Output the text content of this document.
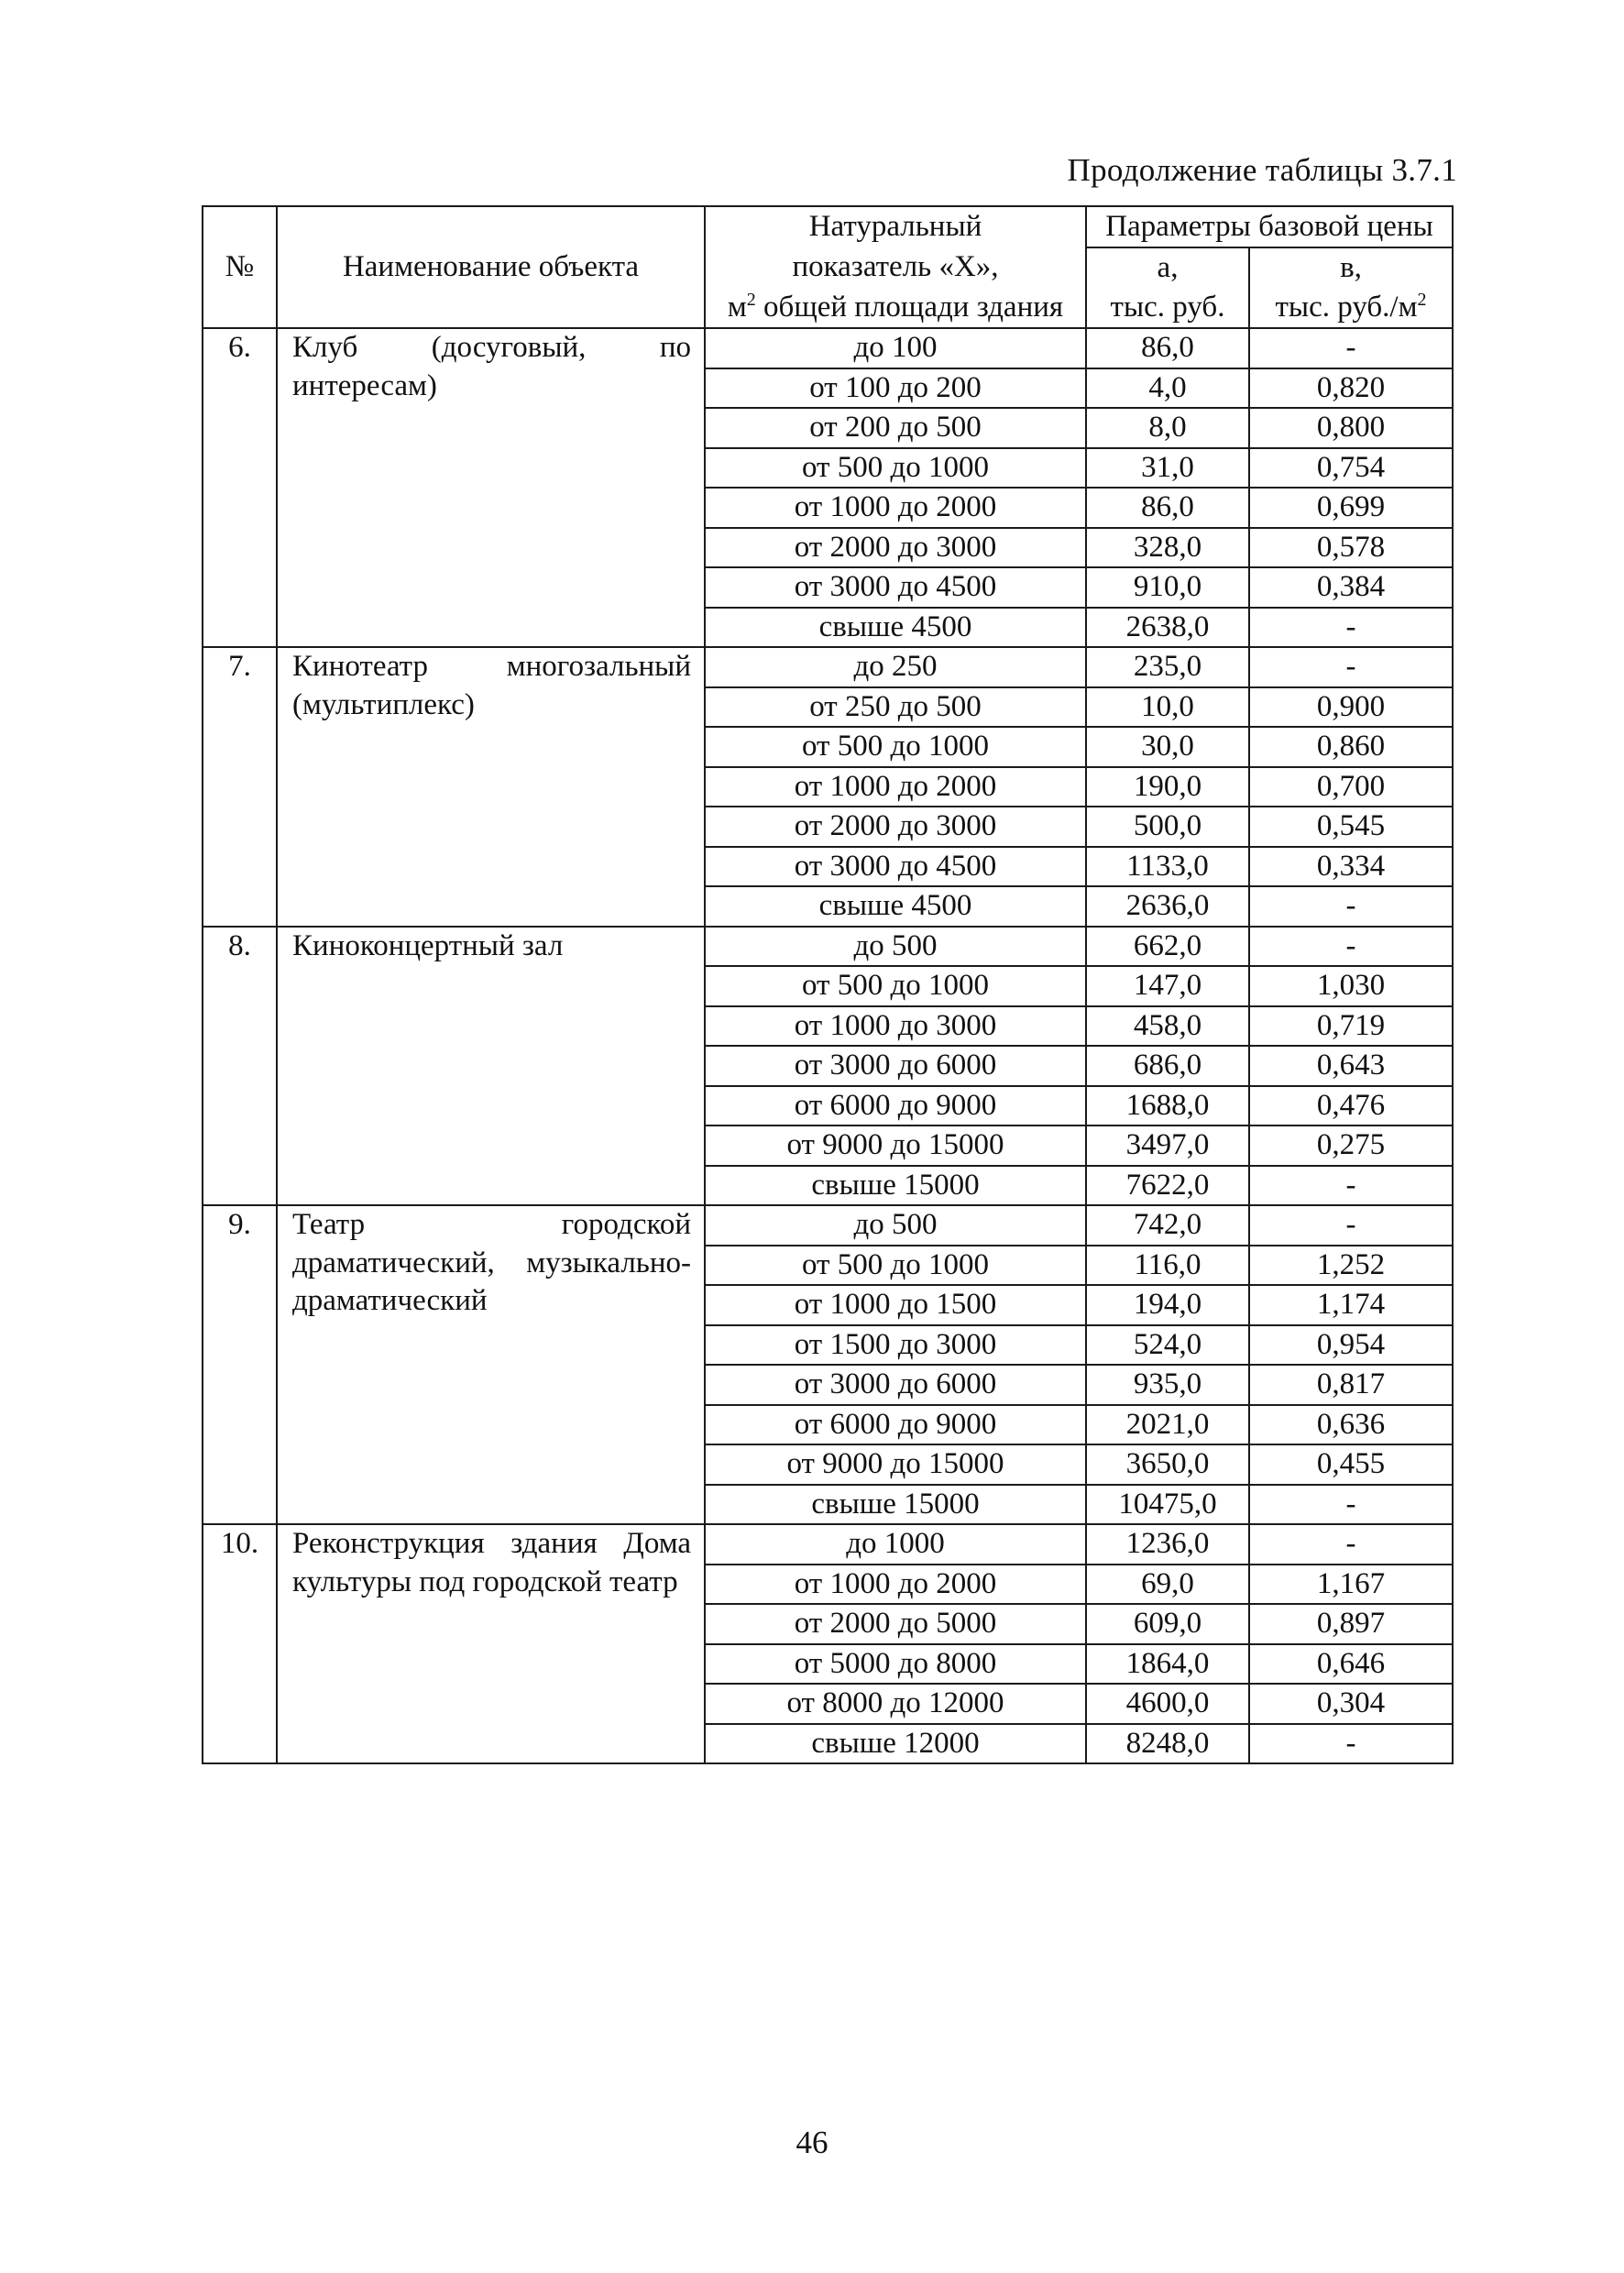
Продолжение таблицы 3.7.1
№	Наименование объекта	Натуральный	Параметры базовой цены	
		показатель «X»,	а,	в,
		$м^2$ общей площади здания	тыс. руб.	тыс. $руб./м^2$
6.	Клуб (досуговый, по интересам)	до 100	86,0	-
		от 100 до 200	4,0	0,820
		от 200 до 500	8,0	0,800
		от 500 до 1000	31,0	0,754
		от 1000 до 2000	86,0	0,699
		от 2000 до 3000	328,0	0,578
		от 3000 до 4500	910,0	0,384
		свыше 4500	2638,0	-
7.	Кинотеатр многозальный (мультиплекс)	до 250	235,0	-
		от 250 до 500	10,0	0,900
		от 500 до 1000	30,0	0,860
		от 1000 до 2000	190,0	0,700
		от 2000 до 3000	500,0	0,545
		от 3000 до 4500	1133,0	0,334
		свыше 4500	2636,0	-
8.	Киноконцертный зал	до 500	662,0	-
		от 500 до 1000	147,0	1,030
		от 1000 до 3000	458,0	0,719
		от 3000 до 6000	686,0	0,643
		от 6000 до 9000	1688,0	0,476
		от 9000 до 15000	3497,0	0,275
		свыше 15000	7622,0	-
9.	Театр городской драматический, музыкально-драматический	до 500	742,0	-
		от 500 до 1000	116,0	1,252
		от 1000 до 1500	194,0	1,174
		от 1500 до 3000	524,0	0,954
		от 3000 до 6000	935,0	0,817
		от 6000 до 9000	2021,0	0,636
		от 9000 до 15000	3650,0	0,455
		свыше 15000	10475,0	-
10.	Реконструкция здания Дома культуры под городской театр	до 1000	1236,0	-
		от 1000 до 2000	69,0	1,167
		от 2000 до 5000	609,0	0,897
		от 5000 до 8000	1864,0	0,646
		от 8000 до 12000	4600,0	0,304
		свыше 12000	8248,0	-
46
